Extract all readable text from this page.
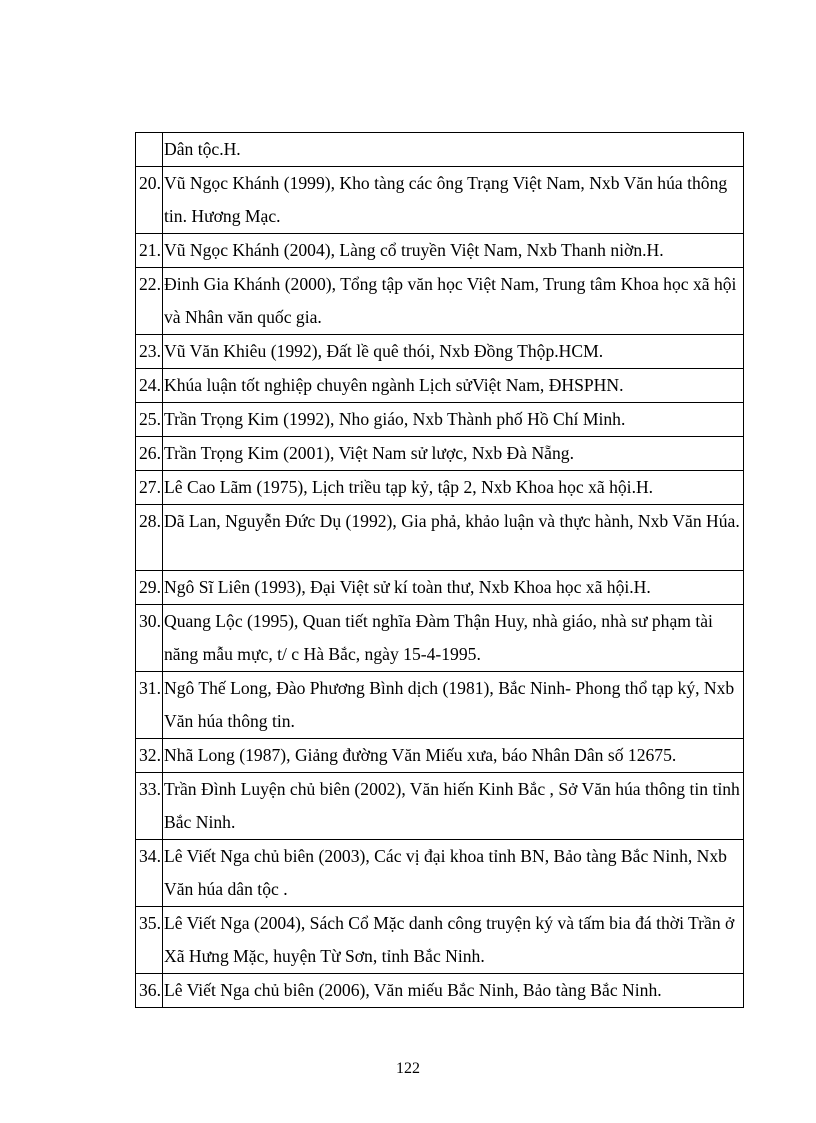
	Dân tộc.H.
20.	Vũ Ngọc Khánh (1999), Kho tàng các ông Trạng Việt Nam, Nxb Văn húa thông tin. Hương Mạc.
21.	Vũ Ngọc Khánh (2004), Làng cổ truyền Việt Nam, Nxb Thanh niờn.H.
22.	Đinh Gia Khánh (2000), Tổng tập văn học Việt Nam, Trung tâm Khoa học xã hội và Nhân văn quốc gia.
23.	Vũ Văn Khiêu (1992), Đất lề quê thói, Nxb Đồng Thộp.HCM.
24.	Khúa luận tốt nghiệp chuyên ngành Lịch sửViệt Nam, ĐHSPHN.
25.	Trần Trọng Kim (1992), Nho giáo, Nxb Thành phố Hồ Chí Minh.
26.	Trần Trọng Kim (2001), Việt Nam sử lược, Nxb Đà Nẵng.
27.	Lê Cao Lãm (1975), Lịch triều tạp kỷ, tập 2, Nxb Khoa học xã hội.H.
28.	Dã Lan, Nguyễn Đức Dụ (1992), Gia phả, khảo luận và thực hành, Nxb Văn Húa.
29.	Ngô Sĩ Liên (1993), Đại Việt sử kí toàn thư, Nxb Khoa học xã hội.H.
30.	Quang Lộc (1995), Quan tiết nghĩa Đàm Thận Huy, nhà giáo, nhà sư phạm tài năng mẫu mực, t/ c Hà Bắc, ngày 15-4-1995.
31.	Ngô Thế Long, Đào Phương Bình dịch (1981), Bắc Ninh- Phong thổ tạp ký, Nxb Văn húa thông tin.
32.	Nhã Long (1987), Giảng đường Văn Miếu xưa, báo Nhân Dân số 12675.
33.	Trần Đình Luyện chủ biên (2002), Văn hiến Kinh Bắc , Sở Văn húa thông tin tỉnh Bắc Ninh.
34.	Lê Viết Nga chủ biên (2003), Các vị đại khoa tỉnh BN, Bảo tàng Bắc Ninh, Nxb Văn húa dân tộc .
35.	Lê Viết Nga (2004), Sách Cổ Mặc danh công truyện ký và tấm bia đá thời Trần ở Xã Hưng Mặc, huyện Từ Sơn, tỉnh Bắc Ninh.
36.	Lê Viết Nga chủ biên (2006), Văn miếu Bắc Ninh, Bảo tàng Bắc Ninh.
122
